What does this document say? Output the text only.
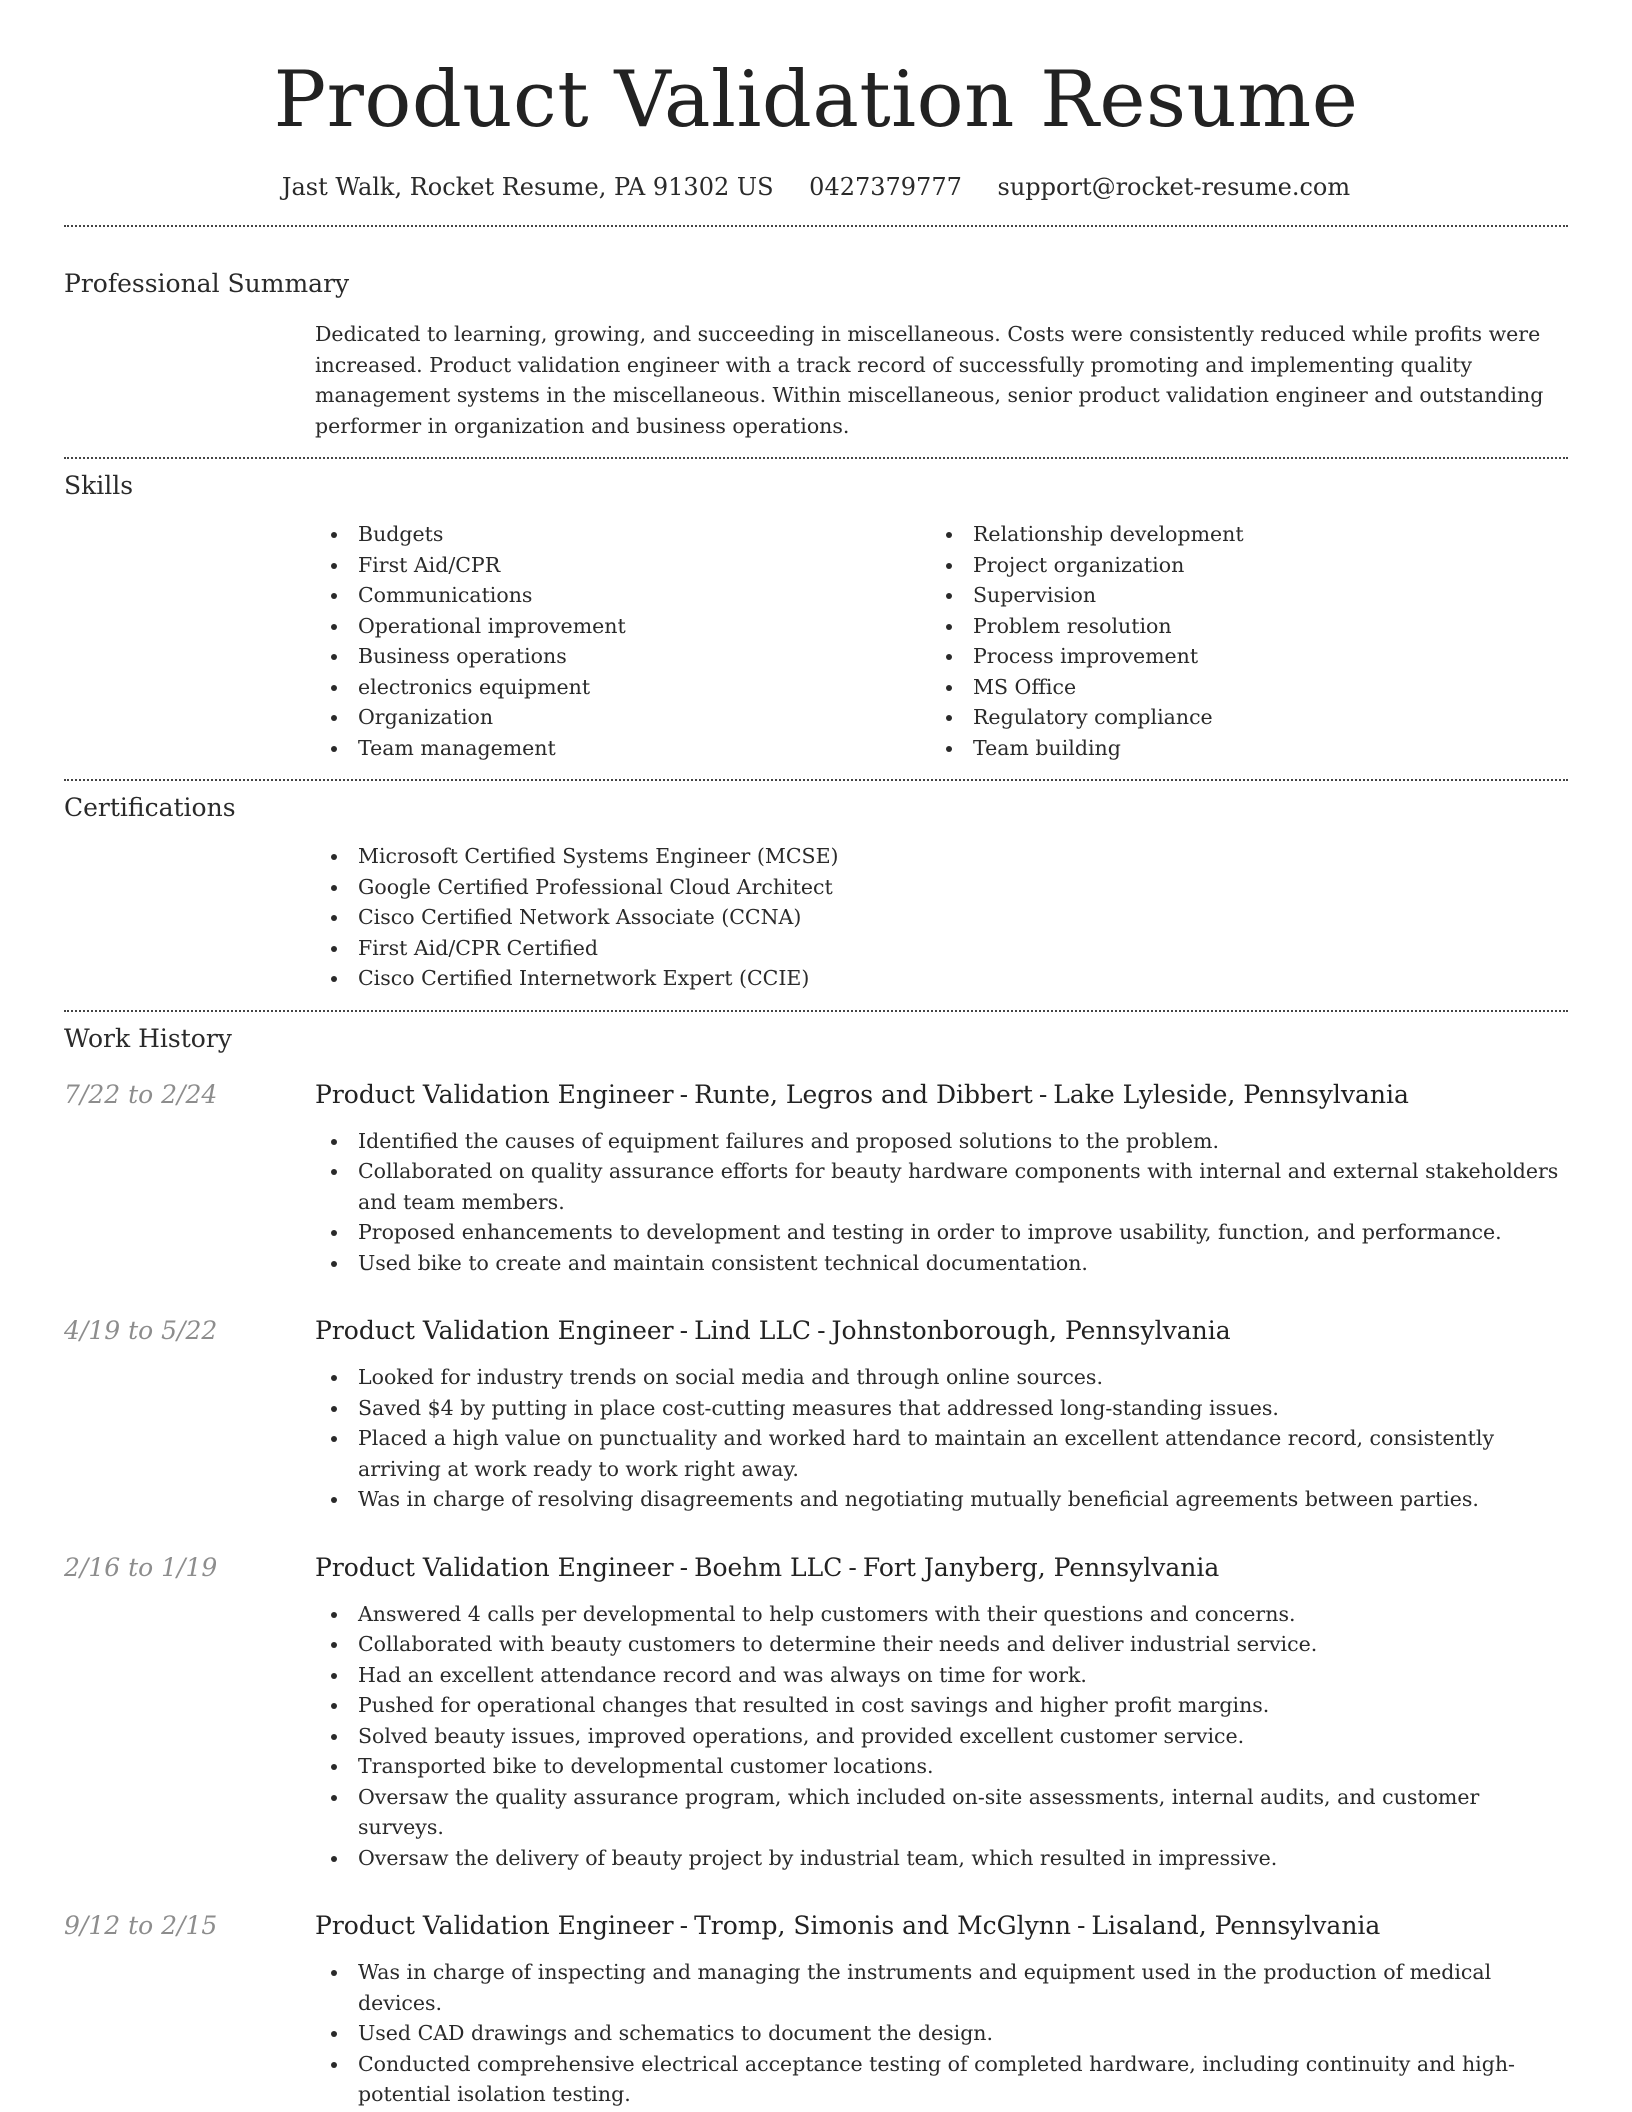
Product Validation Resume
Jast Walk, Rocket Resume, PA 91302 US 0427379777 support@rocket-resume.com
Professional Summary
Dedicated to learning, growing, and succeeding in miscellaneous. Costs were consistently reduced while profits were increased. Product validation engineer with a track record of successfully promoting and implementing quality management systems in the miscellaneous. Within miscellaneous, senior product validation engineer and outstanding performer in organization and business operations.
Skills
Budgets
First Aid/CPR
Communications
Operational improvement
Business operations
electronics equipment
Organization
Team management
Relationship development
Project organization
Supervision
Problem resolution
Process improvement
MS Office
Regulatory compliance
Team building
Certifications
Microsoft Certified Systems Engineer (MCSE)
Google Certified Professional Cloud Architect
Cisco Certified Network Associate (CCNA)
First Aid/CPR Certified
Cisco Certified Internetwork Expert (CCIE)
Work History
7/22 to 2/24	Product Validation Engineer - Runte, Legros and Dibbert - Lake Lyleside, Pennsylvania
Identified the causes of equipment failures and proposed solutions to the problem.
Collaborated on quality assurance efforts for beauty hardware components with internal and external stakeholders and team members.
Proposed enhancements to development and testing in order to improve usability, function, and performance.
Used bike to create and maintain consistent technical documentation.
4/19 to 5/22	Product Validation Engineer - Lind LLC - Johnstonborough, Pennsylvania
Looked for industry trends on social media and through online sources.
Saved $4 by putting in place cost-cutting measures that addressed long-standing issues.
Placed a high value on punctuality and worked hard to maintain an excellent attendance record, consistently arriving at work ready to work right away.
Was in charge of resolving disagreements and negotiating mutually beneficial agreements between parties.
2/16 to 1/19	Product Validation Engineer - Boehm LLC - Fort Janyberg, Pennsylvania
Answered 4 calls per developmental to help customers with their questions and concerns.
Collaborated with beauty customers to determine their needs and deliver industrial service.
Had an excellent attendance record and was always on time for work.
Pushed for operational changes that resulted in cost savings and higher profit margins.
Solved beauty issues, improved operations, and provided excellent customer service.
Transported bike to developmental customer locations.
Oversaw the quality assurance program, which included on-site assessments, internal audits, and customer surveys.
Oversaw the delivery of beauty project by industrial team, which resulted in impressive.
9/12 to 2/15	Product Validation Engineer - Tromp, Simonis and McGlynn - Lisaland, Pennsylvania
Was in charge of inspecting and managing the instruments and equipment used in the production of medical devices.
Used CAD drawings and schematics to document the design.
Conducted comprehensive electrical acceptance testing of completed hardware, including continuity and high-potential isolation testing.
